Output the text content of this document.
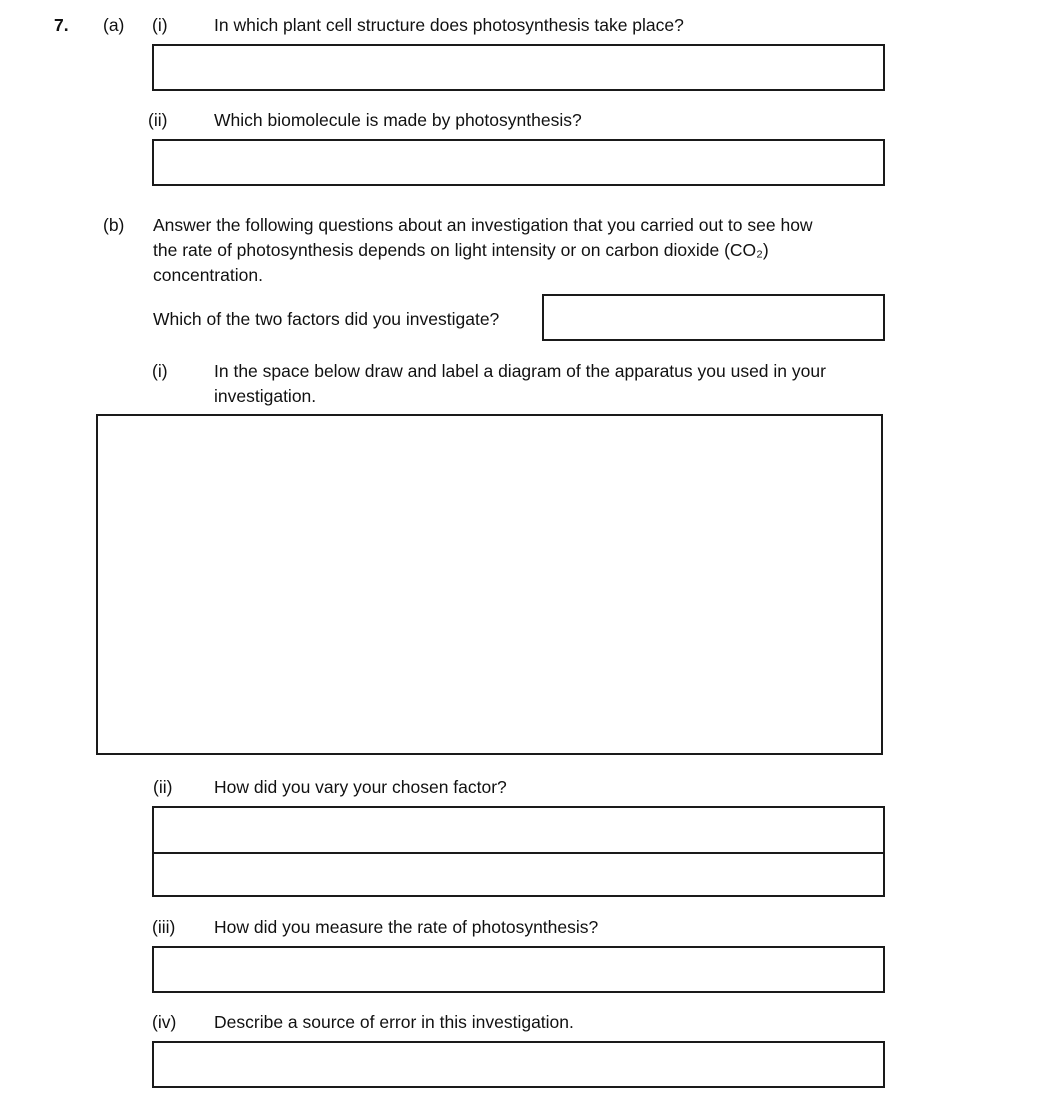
7. (a) (i)	In which plant cell structure does photosynthesis take place?
(ii)	Which biomolecule is made by photosynthesis?
(b) Answer the following questions about an investigation that you carried out to see how
the rate of photosynthesis depends on light intensity or on carbon dioxide (CO₂)
concentration.
Which of the two factors did you investigate?
(i)	In the space below draw and label a diagram of the apparatus you used in your
investigation.
(ii) How did you vary your chosen factor?
(iii) How did you measure the rate of photosynthesis?
(iv) Describe a source of error in this investigation.
